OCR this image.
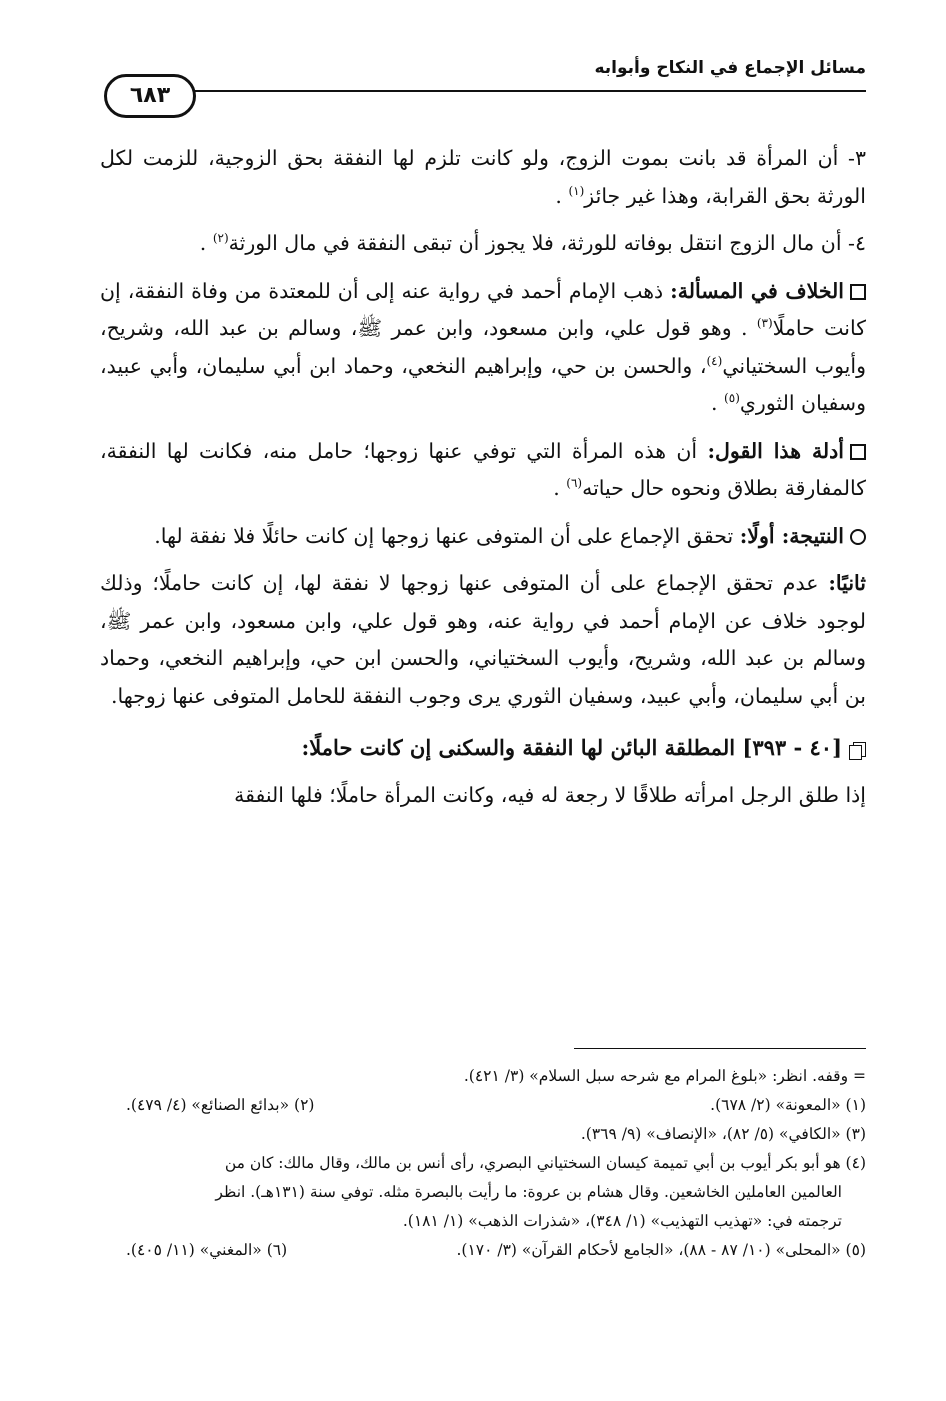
مسائل الإجماع في النكاح وأبوابه
٦٨٣

٣- أن المرأة قد بانت بموت الزوج، ولو كانت تلزم لها النفقة بحق الزوجية، للزمت لكل الورثة بحق القرابة، وهذا غير جائز$^{(١)}$ .

٤- أن مال الزوج انتقل بوفاته للورثة، فلا يجوز أن تبقى النفقة في مال الورثة$^{(٢)}$ .

الخلاف في المسألة: ذهب الإمام أحمد في رواية عنه إلى أن للمعتدة من وفاة النفقة، إن كانت حاملًا$^{(٣)}$ . وهو قول علي، وابن مسعود، وابن عمر ﷺ، وسالم بن عبد الله، وشريح، وأيوب السختياني$^{(٤)}$، والحسن بن حي، وإبراهيم النخعي، وحماد ابن أبي سليمان، وأبي عبيد، وسفيان الثوري$^{(٥)}$ .

أدلة هذا القول: أن هذه المرأة التي توفي عنها زوجها؛ حامل منه، فكانت لها النفقة، كالمفارقة بطلاق ونحوه حال حياته$^{(٦)}$ .

النتيجة: أولًا: تحقق الإجماع على أن المتوفى عنها زوجها إن كانت حائلًا فلا نفقة لها.

ثانيًا: عدم تحقق الإجماع على أن المتوفى عنها زوجها لا نفقة لها، إن كانت حاملًا؛ وذلك لوجود خلاف عن الإمام أحمد في رواية عنه، وهو قول علي، وابن مسعود، وابن عمر ﷺ، وسالم بن عبد الله، وشريح، وأيوب السختياني، والحسن ابن حي، وإبراهيم النخعي، وحماد بن أبي سليمان، وأبي عبيد، وسفيان الثوري يرى وجوب النفقة للحامل المتوفى عنها زوجها.

[٤٠ - ٣٩٣] المطلقة البائن لها النفقة والسكنى إن كانت حاملًا:

إذا طلق الرجل امرأته طلاقًا لا رجعة له فيه، وكانت المرأة حاملًا؛ فلها النفقة

= وقفه. انظر: «بلوغ المرام مع شرحه سبل السلام» (٣/ ٤٢١).

(١) «المعونة» (٢/ ٦٧٨).
(٢) «بدائع الصنائع» (٤/ ٤٧٩).

(٣) «الكافي» (٥/ ٨٢)، «الإنصاف» (٩/ ٣٦٩).

(٤) هو أبو بكر أيوب بن أبي تميمة كيسان السختياني البصري، رأى أنس بن مالك، وقال مالك: كان من

العالمين العاملين الخاشعين. وقال هشام بن عروة: ما رأيت بالبصرة مثله. توفي سنة (١٣١هـ). انظر

ترجمته في: «تهذيب التهذيب» (١/ ٣٤٨)، «شذرات الذهب» (١/ ١٨١).

(٥) «المحلى» (١٠/ ٨٧ - ٨٨)، «الجامع لأحكام القرآن» (٣/ ١٧٠).
(٦) «المغني» (١١/ ٤٠٥).
